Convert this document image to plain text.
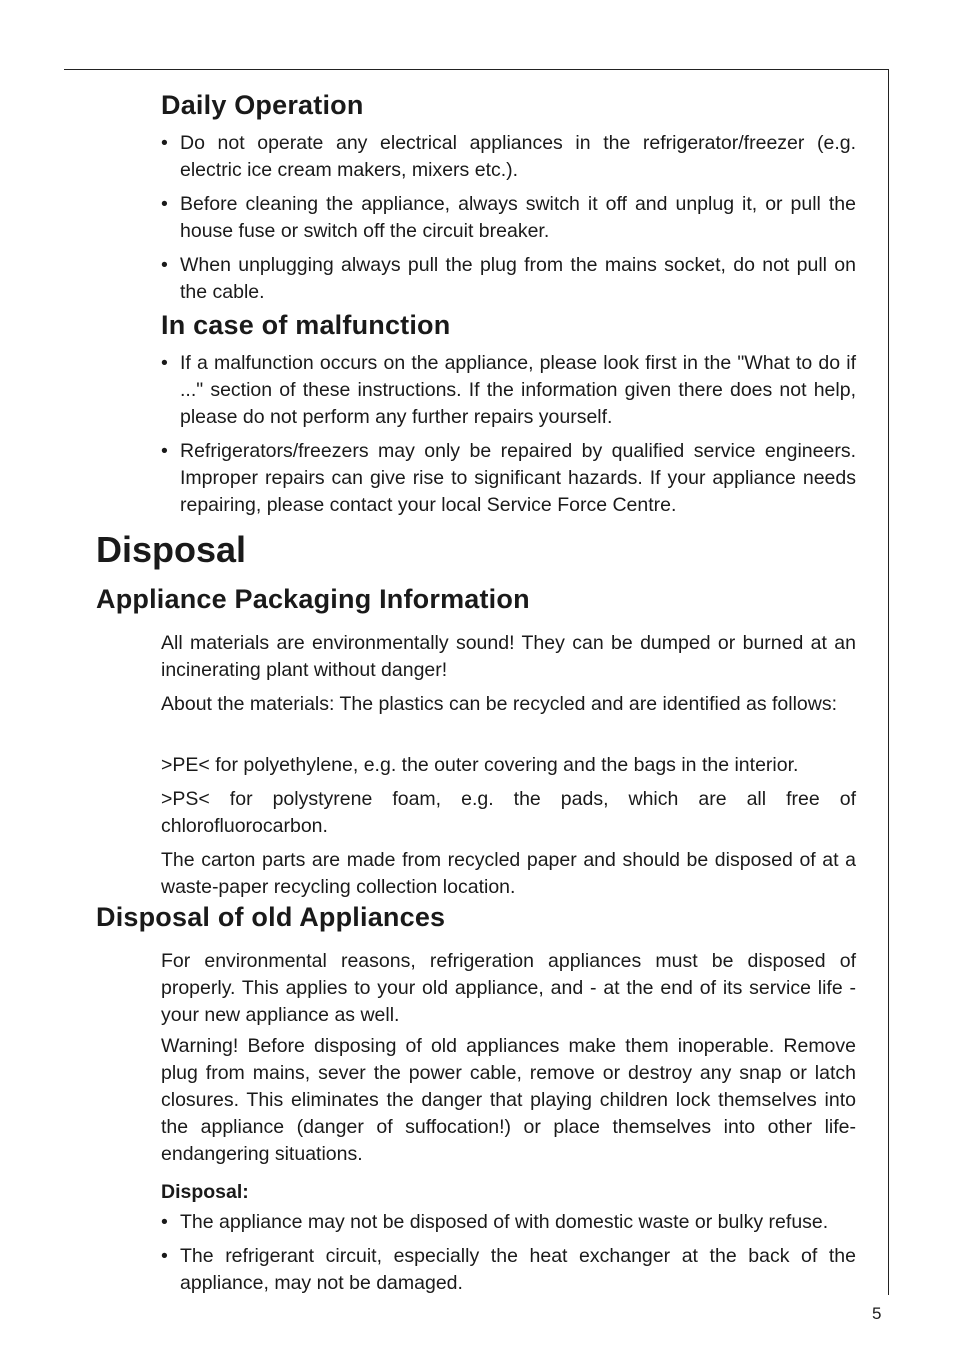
Daily Operation
• Do not operate any electrical appliances in the refrigerator/freezer (e.g. electric ice cream makers, mixers etc.).
• Before cleaning the appliance, always switch it off and unplug it, or pull the house fuse or switch off the circuit breaker.
• When unplugging always pull the plug from the mains socket, do not pull on the cable.
In case of malfunction
• If a malfunction occurs on the appliance, please look first in the "What to do if ..." section of these instructions. If the information given there does not help, please do not perform any further repairs yourself.
• Refrigerators/freezers may only be repaired by qualified service engineers. Improper repairs can give rise to significant hazards. If your appliance needs repairing, please contact your local Service Force Centre.
Disposal
Appliance Packaging Information
All materials are environmentally sound! They can be dumped or burned at an incinerating plant without danger!
About the materials: The plastics can be recycled and are identified as follows:
>PE< for polyethylene, e.g. the outer covering and the bags in the interior.
>PS< for polystyrene foam, e.g. the pads, which are all free of chlorofluorocarbon.
The carton parts are made from recycled paper and should be disposed of at a waste-paper recycling collection location.
Disposal of old Appliances
For environmental reasons, refrigeration appliances must be disposed of properly. This applies to your old appliance, and - at the end of its service life - your new appliance as well.
Warning! Before disposing of old appliances make them inoperable. Remove plug from mains, sever the power cable, remove or destroy any snap or latch closures. This eliminates the danger that playing children lock themselves into the appliance (danger of suffocation!) or place themselves into other life-endangering situations.
Disposal:
• The appliance may not be disposed of with domestic waste or bulky refuse.
• The refrigerant circuit, especially the heat exchanger at the back of the appliance, may not be damaged.
5
